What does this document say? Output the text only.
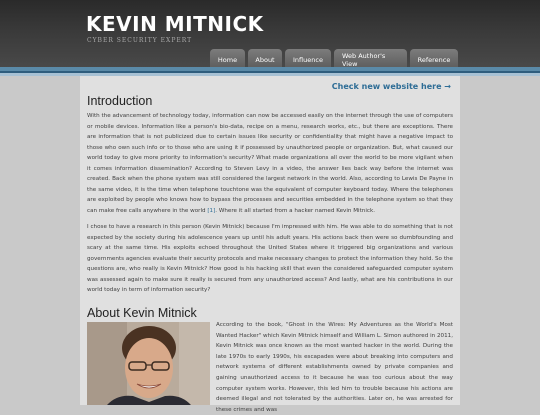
KEVIN MITNICK
CYBER SECURITY EXPERT
Home	About	Influence	Web Author's View	Reference
Check new website here →
Introduction

With the advancement of technology today, information can now be accessed easily on the internet through the use of computers or mobile devices. Information like a person's bio-data, recipe on a menu, research works, etc., but there are exceptions. There are information that is not publicized due to certain issues like security or confidentiality that might have a negative impact to those who own such info or to those who are using it if possessed by unauthorized people or organization. But, what caused our world today to give more priority to information's security? What made organizations all over the world to be more vigilant when it comes information dissemination? According to Steven Levy in a video, the answer lies back way before the internet was created. Back when the phone system was still considered the largest network in the world. Also, according to Lewis De Payne in the same video, it is the time when telephone touchtone was the equivalent of computer keyboard today. Where the telephones are exploited by people who knows how to bypass the processes and securities embedded in the telephone system so that they can make free calls anywhere in the world [1]. Where it all started from a hacker named Kevin Mitnick.

I chose to have a research in this person (Kevin Mitnick) because I'm impressed with him. He was able to do something that is not expected by the society during his adolescence years up until his adult years. His actions back then were so dumbfounding and scary at the same time. His exploits echoed throughout the United States where it triggered big organizations and various governments agencies evaluate their security protocols and make necessary changes to protect the information they hold. So the questions are, who really is Kevin Mitnick? How good is his hacking skill that even the considered safeguarded computer system was assessed again to make sure it really is secured from any unauthorized access? And lastly, what are his contributions in our world today in term of information security?

About Kevin Mitnick

According to the book, "Ghost in the Wires: My Adventures as the World's Most Wanted Hacker" which Kevin Mitnick himself and William L. Simon authored in 2011, Kevin Mitnick was once known as the most wanted hacker in the world. During the late 1970s to early 1990s, his escapades were about breaking into computers and network systems of different establishments owned by private companies and gaining unauthorized access to it because he was too curious about the way computer system works. However, this led him to trouble because his actions are deemed illegal and not tolerated by the authorities. Later on, he was arrested for these crimes and was
